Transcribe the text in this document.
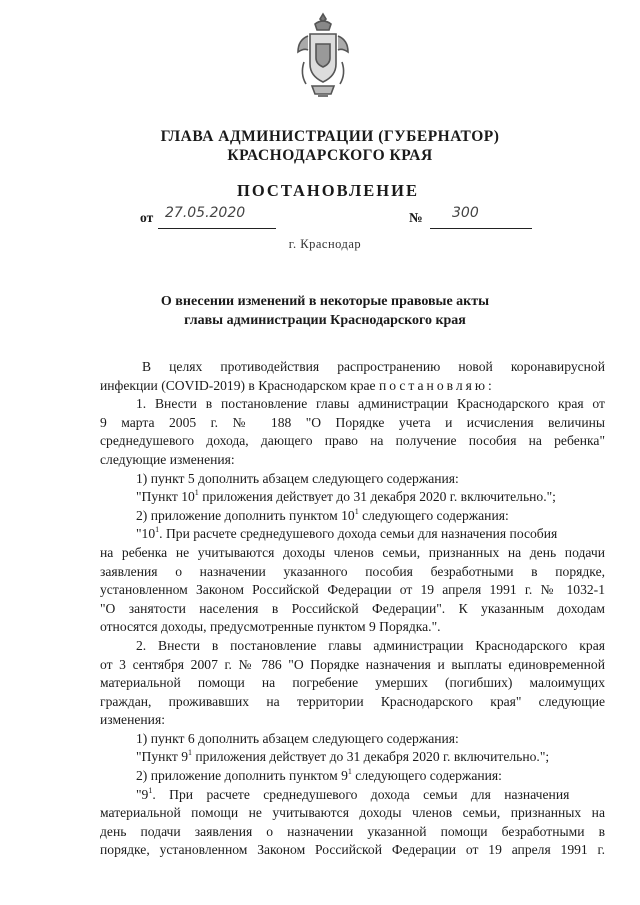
ГЛАВА АДМИНИСТРАЦИИ (ГУБЕРНАТОР)
КРАСНОДАРСКОГО КРАЯ
ПОСТАНОВЛЕНИЕ
от 27.05.2020	№ 300
г. Краснодар
О внесении изменений в некоторые правовые акты
главы администрации Краснодарского края
В целях противодействия распространению новой коронавирусной
инфекции (COVID-2019) в Краснодарском крае постановляю:
1. Внести в постановление главы администрации Краснодарского края от
9 марта 2005 г. № 188 "О Порядке учета и исчисления величины
среднедушевого дохода, дающего право на получение пособия на ребенка"
следующие изменения:
1) пункт 5 дополнить абзацем следующего содержания:
"Пункт $10^1$ приложения действует до 31 декабря 2020 г. включительно.";
2) приложение дополнить пунктом $10^1$ следующего содержания:
"$10^1$. При расчете среднедушевого дохода семьи для назначения пособия
на ребенка не учитываются доходы членов семьи, признанных на день подачи
заявления о назначении указанного пособия безработными в порядке,
установленном Законом Российской Федерации от 19 апреля 1991 г. № 1032-1
"О занятости населения в Российской Федерации". К указанным доходам
относятся доходы, предусмотренные пунктом 9 Порядка.".
2. Внести в постановление главы администрации Краснодарского края
от 3 сентября 2007 г. № 786 "О Порядке назначения и выплаты единовременной
материальной помощи на погребение умерших (погибших) малоимущих
граждан, проживавших на территории Краснодарского края" следующие
изменения:
1) пункт 6 дополнить абзацем следующего содержания:
"Пункт $9^1$ приложения действует до 31 декабря 2020 г. включительно.";
2) приложение дополнить пунктом $9^1$ следующего содержания:
"$9^1$. При расчете среднедушевого дохода семьи для назначения
материальной помощи не учитываются доходы членов семьи, признанных на
день подачи заявления о назначении указанной помощи безработными в
порядке, установленном Законом Российской Федерации от 19 апреля 1991 г.
